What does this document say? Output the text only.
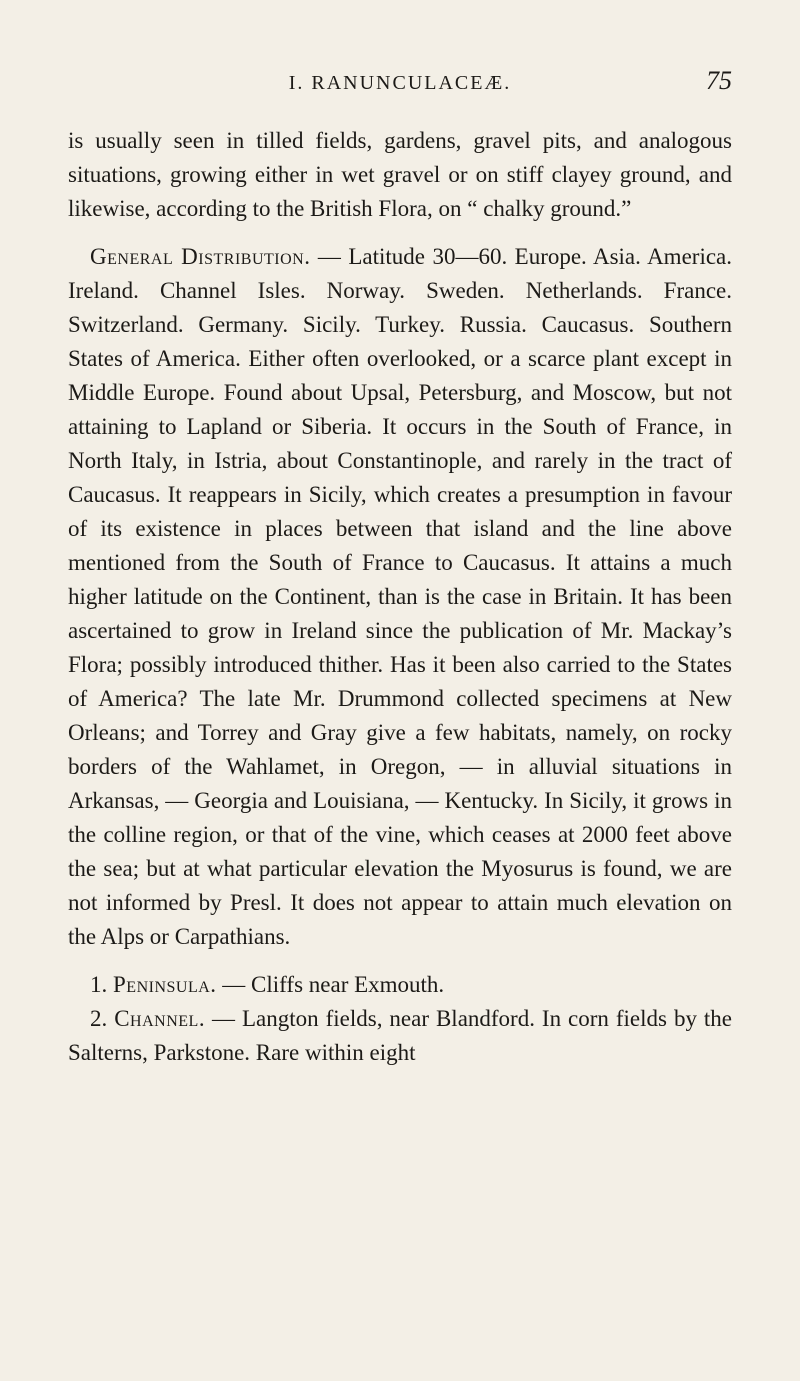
I. RANUNCULACEÆ.	75

is usually seen in tilled fields, gardens, gravel pits, and analogous situations, growing either in wet gravel or on stiff clayey ground, and likewise, according to the British Flora, on “ chalky ground.”

General Distribution. — Latitude 30—60. Europe. Asia. America. Ireland. Channel Isles. Norway. Sweden. Netherlands. France. Switzerland. Germany. Sicily. Turkey. Russia. Caucasus. Southern States of America. Either often overlooked, or a scarce plant except in Middle Europe. Found about Upsal, Petersburg, and Moscow, but not attaining to Lapland or Siberia. It occurs in the South of France, in North Italy, in Istria, about Constantinople, and rarely in the tract of Caucasus. It reappears in Sicily, which creates a presumption in favour of its existence in places between that island and the line above mentioned from the South of France to Caucasus. It attains a much higher latitude on the Continent, than is the case in Britain. It has been ascertained to grow in Ireland since the publication of Mr. Mackay’s Flora; possibly introduced thither. Has it been also carried to the States of America? The late Mr. Drummond collected specimens at New Orleans; and Torrey and Gray give a few habitats, namely, on rocky borders of the Wahlamet, in Oregon, — in alluvial situations in Arkansas, — Georgia and Louisiana, — Kentucky. In Sicily, it grows in the colline region, or that of the vine, which ceases at 2000 feet above the sea; but at what particular elevation the Myosurus is found, we are not informed by Presl. It does not appear to attain much elevation on the Alps or Carpathians.

1. Peninsula. — Cliffs near Exmouth.

2. Channel. — Langton fields, near Blandford. In corn fields by the Salterns, Parkstone. Rare within eight
